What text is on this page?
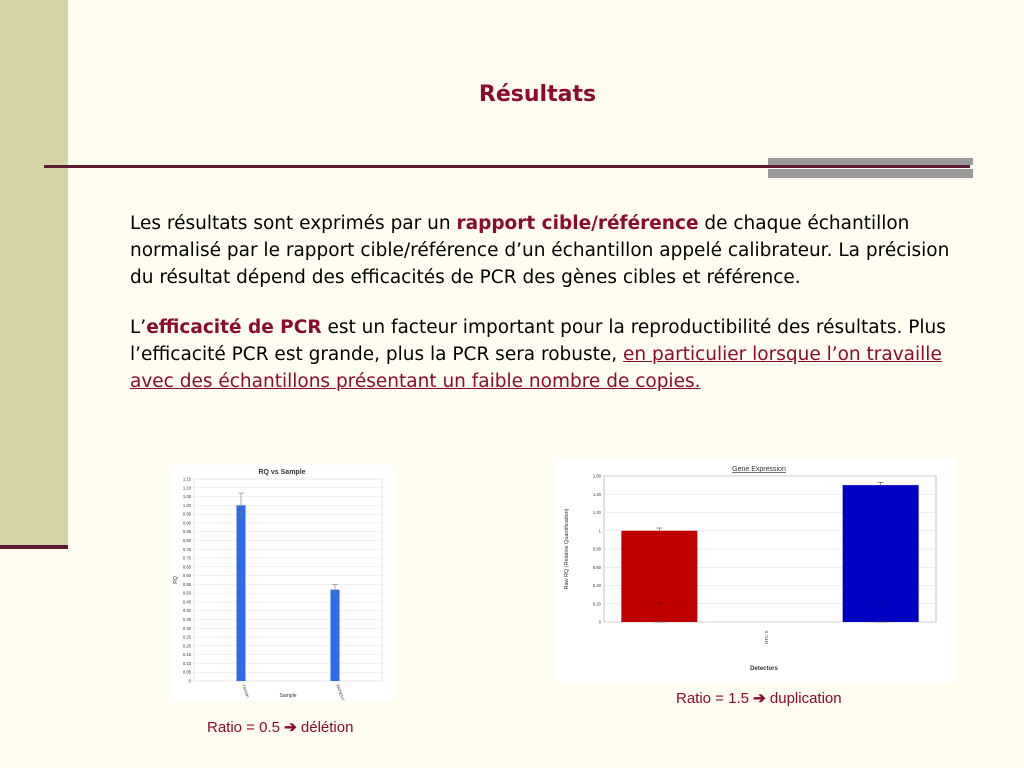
Résultats

Les résultats sont exprimés par un rapport cible/référence de chaque échantillon normalisé par le rapport cible/référence d’un échantillon appelé calibrateur. La précision du résultat dépend des efficacités de PCR des gènes cibles et référence.

L’efficacité de PCR est un facteur important pour la reproductibilité des résultats. Plus l’efficacité PCR est grande, plus la PCR sera robuste, en particulier lorsque l’on travaille avec des échantillons présentant un faible nombre de copies.

RQ vs Sample
0
0.05
0.10
0.15
0.20
0.25
0.30
0.35
0.40
0.45
0.50
0.55
0.60
0.65
0.70
0.75
0.80
0.85
0.90
0.95
1.00
1.05
1.10
1.15
RQ
Sample
Témoin	PATIENT
Gene Expression
0
0.20
0.40
0.60
0.80
1
1.20
1.40
1.60
Raw RQ (Relative Quantification)
Detectors
A
NTC X
C
Ratio = 0.5 ➔ délétion
Ratio = 1.5 ➔ duplication
